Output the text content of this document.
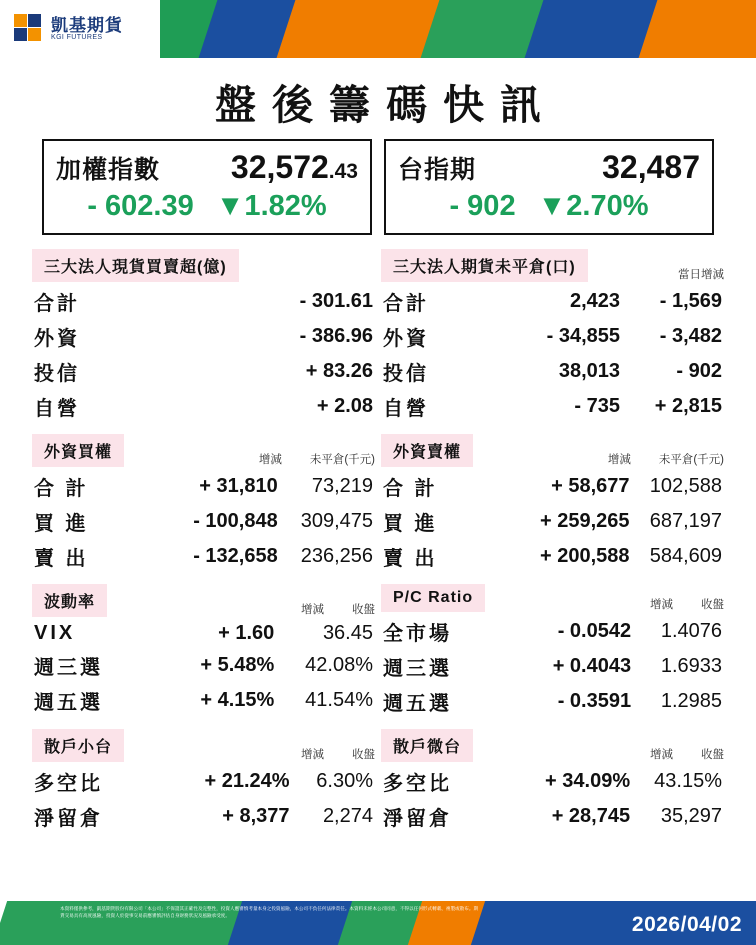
凱基期貨
KGI FUTURES
盤後籌碼快訊
加權指數 32,572.43
- 602.39 ▼1.82%
台指期	32,487
- 902 ▼2.70%
三大法人現貨買賣超(億)
合計	- 301.61
外資	- 386.96
投信	+ 83.26
自營	+ 2.08
三大法人期貨未平倉(口)	當日增減
合計	2,423	- 1,569
外資	- 34,855	- 3,482
投信	38,013	- 902
自營	- 735	+ 2,815
外資買權	增減 未平倉(千元)
合 計	+ 31,810	73,219
買 進	- 100,848	309,475
賣 出	- 132,658	236,256
外資賣權	增減 未平倉(千元)
合 計	+ 58,677	102,588
買 進	+ 259,265	687,197
賣 出	+ 200,588	584,609
波動率	增減 收盤
VIX	+ 1.60	36.45
週三選	+ 5.48%	42.08%
週五選	+ 4.15%	41.54%
P/C Ratio	增減 收盤
全市場	- 0.0542	1.4076
週三選	+ 0.4043	1.6933
週五選	- 0.3591	1.2985
散戶小台	增減 收盤
多空比	+ 21.24%	6.30%
淨留倉	+ 8,377	2,274
散戶微台	增減 收盤
多空比	+ 34.09%	43.15%
淨留倉	+ 28,745	35,297
本資料僅供參考，凱基期貨股份有限公司「本公司」不保證其正確性及完整性，投資人應審慎考量本身之投資風險，本公司不負任何法律責任。本資料未經本公司同意，不得以任何形式轉載、複製或散布。期貨交易具有高度風險，投資人於從事交易前應審慎評估自身財務狀況及風險承受度。	2026/04/02
